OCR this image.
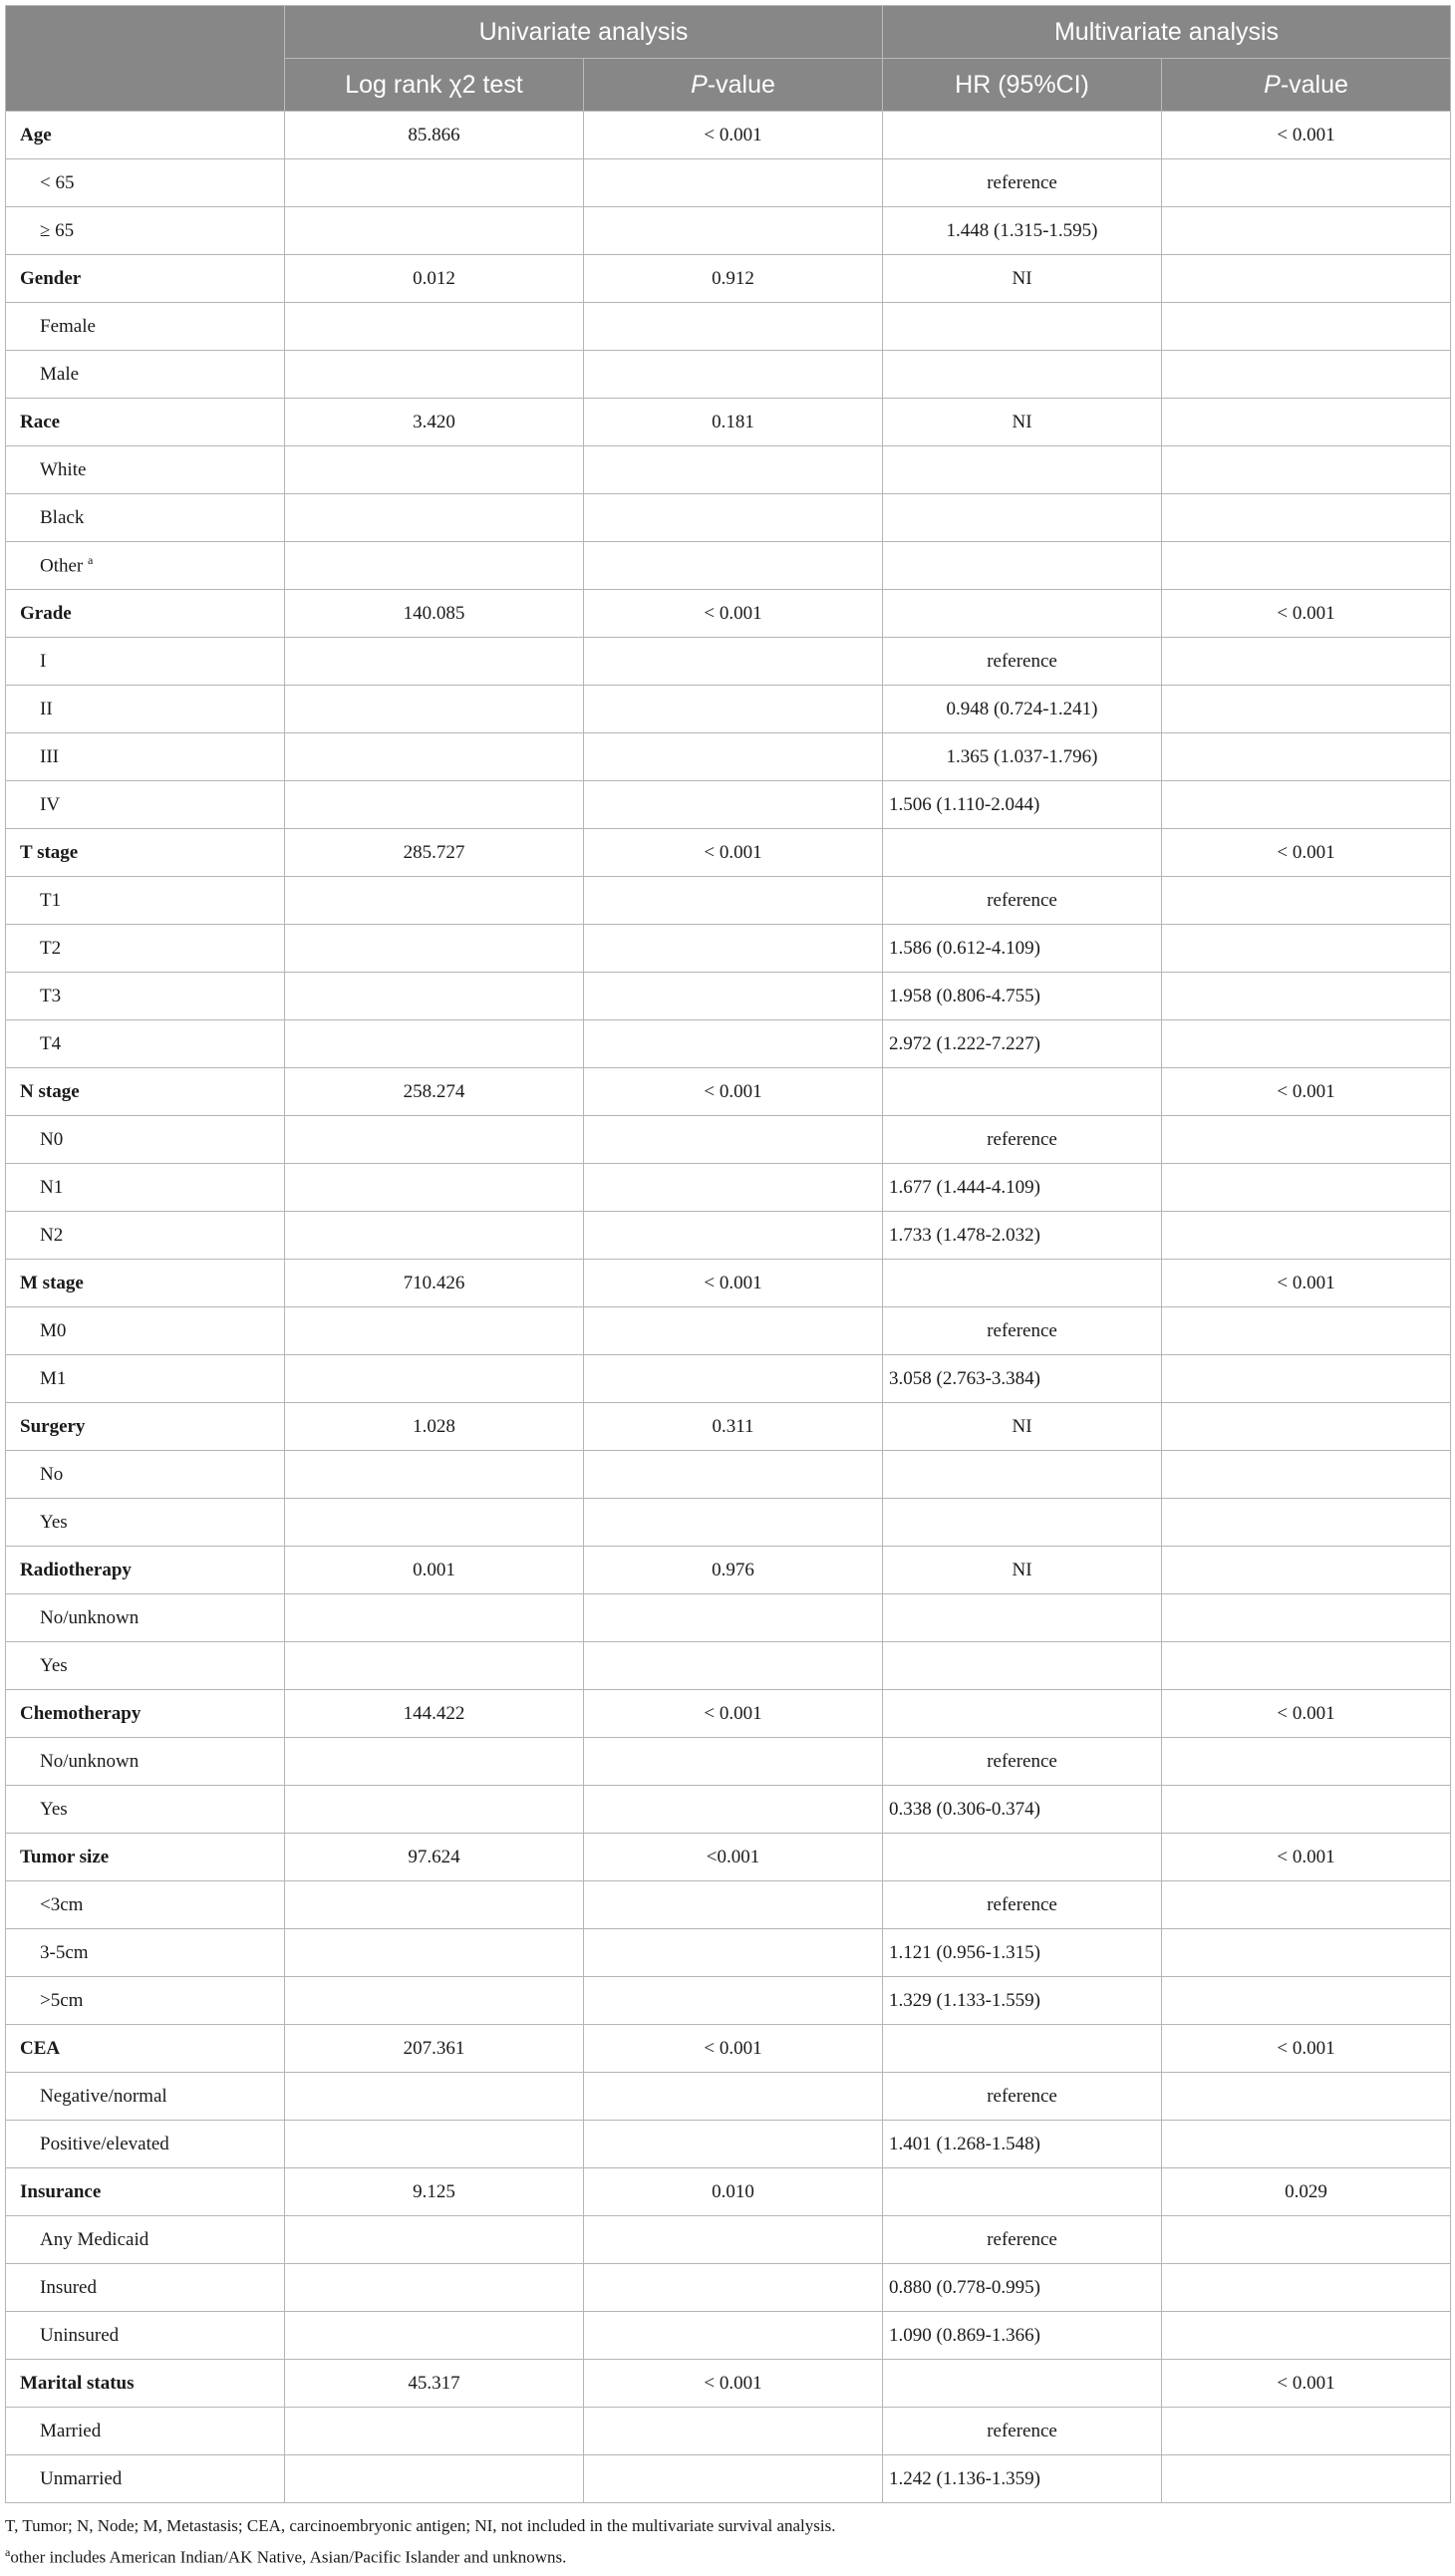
	Univariate analysis		Multivariate analysis	
	Log rank χ2 test	P-value	HR (95%CI)	P-value
Age	85.866	< 0.001		< 0.001
< 65			reference	
≥ 65			1.448 (1.315-1.595)	
Gender	0.012	0.912	NI	
Female				
Male				
Race	3.420	0.181	NI	
White				
Black				
Other $^a$				
Grade	140.085	< 0.001		< 0.001
I			reference	
II			0.948 (0.724-1.241)	
III			1.365 (1.037-1.796)	
IV			1.506 (1.110-2.044)	
T stage	285.727	< 0.001		< 0.001
T1			reference	
T2			1.586 (0.612-4.109)	
T3			1.958 (0.806-4.755)	
T4			2.972 (1.222-7.227)	
N stage	258.274	< 0.001		< 0.001
N0			reference	
N1			1.677 (1.444-4.109)	
N2			1.733 (1.478-2.032)	
M stage	710.426	< 0.001		< 0.001
M0			reference	
M1			3.058 (2.763-3.384)	
Surgery	1.028	0.311	NI	
No				
Yes				
Radiotherapy	0.001	0.976	NI	
No/unknown				
Yes				
Chemotherapy	144.422	< 0.001		< 0.001
No/unknown			reference	
Yes			0.338 (0.306-0.374)	
Tumor size	97.624	<0.001		< 0.001
<3cm			reference	
3-5cm			1.121 (0.956-1.315)	
>5cm			1.329 (1.133-1.559)	
CEA	207.361	< 0.001		< 0.001
Negative/normal			reference	
Positive/elevated			1.401 (1.268-1.548)	
Insurance	9.125	0.010		0.029
Any Medicaid			reference	
Insured			0.880 (0.778-0.995)	
Uninsured			1.090 (0.869-1.366)	
Marital status	45.317	< 0.001		< 0.001
Married			reference	
Unmarried			1.242 (1.136-1.359)	

T, Tumor; N, Node; M, Metastasis; CEA, carcinoembryonic antigen; NI, not included in the multivariate survival analysis.

$^a$other includes American Indian/AK Native, Asian/Pacific Islander and unknowns.
